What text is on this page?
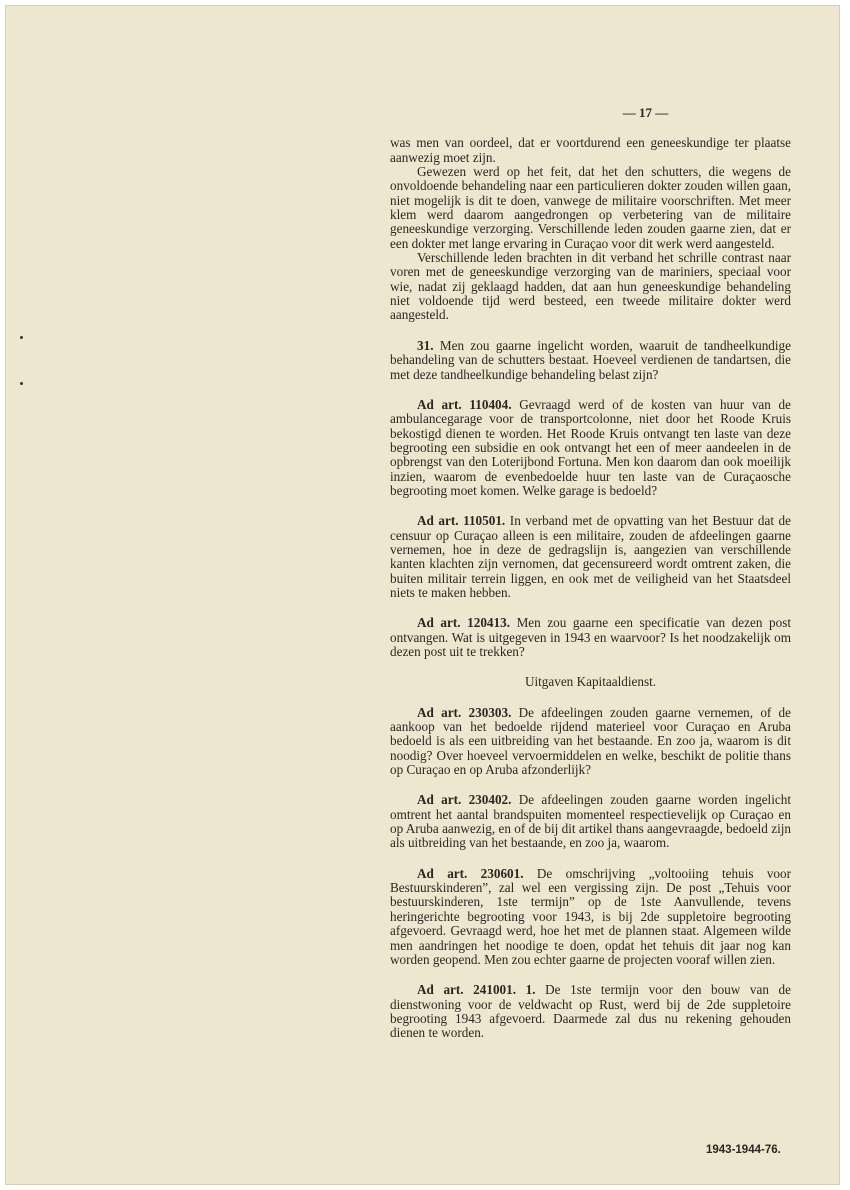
— 17 —

was men van oordeel, dat er voortdurend een geneeskundige ter plaatse aanwezig moet zijn.

Gewezen werd op het feit, dat het den schutters, die wegens de onvoldoende behandeling naar een particulieren dokter zouden willen gaan, niet mogelijk is dit te doen, vanwege de militaire voorschriften. Met meer klem werd daarom aangedrongen op verbetering van de militaire geneeskundige verzorging. Verschillende leden zouden gaarne zien, dat er een dokter met lange ervaring in Curaçao voor dit werk werd aangesteld.

Verschillende leden brachten in dit verband het schrille contrast naar voren met de geneeskundige verzorging van de mariniers, speciaal voor wie, nadat zij geklaagd hadden, dat aan hun geneeskundige behandeling niet voldoende tijd werd besteed, een tweede militaire dokter werd aangesteld.

31. Men zou gaarne ingelicht worden, waaruit de tandheelkundige behandeling van de schutters bestaat. Hoeveel verdienen de tandartsen, die met deze tandheelkundige behandeling belast zijn?

Ad art. 110404. Gevraagd werd of de kosten van huur van de ambulancegarage voor de transportcolonne, niet door het Roode Kruis bekostigd dienen te worden. Het Roode Kruis ontvangt ten laste van deze begrooting een subsidie en ook ontvangt het een of meer aandeelen in de opbrengst van den Loterijbond Fortuna. Men kon daarom dan ook moeilijk inzien, waarom de evenbedoelde huur ten laste van de Curaçaosche begrooting moet komen. Welke garage is bedoeld?

Ad art. 110501. In verband met de opvatting van het Bestuur dat de censuur op Curaçao alleen is een militaire, zouden de afdeelingen gaarne vernemen, hoe in deze de gedragslijn is, aangezien van verschillende kanten klachten zijn vernomen, dat gecensureerd wordt omtrent zaken, die buiten militair terrein liggen, en ook met de veiligheid van het Staatsdeel niets te maken hebben.

Ad art. 120413. Men zou gaarne een specificatie van dezen post ontvangen. Wat is uitgegeven in 1943 en waarvoor? Is het noodzakelijk om dezen post uit te trekken?

Uitgaven Kapitaaldienst.

Ad art. 230303. De afdeelingen zouden gaarne vernemen, of de aankoop van het bedoelde rijdend materieel voor Curaçao en Aruba bedoeld is als een uitbreiding van het bestaande. En zoo ja, waarom is dit noodig? Over hoeveel vervoermiddelen en welke, beschikt de politie thans op Curaçao en op Aruba afzonderlijk?

Ad art. 230402. De afdeelingen zouden gaarne worden ingelicht omtrent het aantal brandspuiten momenteel respectievelijk op Curaçao en op Aruba aanwezig, en of de bij dit artikel thans aangevraagde, bedoeld zijn als uitbreiding van het bestaande, en zoo ja, waarom.

Ad art. 230601. De omschrijving „voltooiing tehuis voor Bestuurskinderen”, zal wel een vergissing zijn. De post „Tehuis voor bestuurskinderen, 1ste termijn” op de 1ste Aanvullende, tevens heringerichte begrooting voor 1943, is bij 2de suppletoire begrooting afgevoerd. Gevraagd werd, hoe het met de plannen staat. Algemeen wilde men aandringen het noodige te doen, opdat het tehuis dit jaar nog kan worden geopend. Men zou echter gaarne de projecten vooraf willen zien.

Ad art. 241001. 1. De 1ste termijn voor den bouw van de dienstwoning voor de veldwacht op Rust, werd bij de 2de suppletoire begrooting 1943 afgevoerd. Daarmede zal dus nu rekening gehouden dienen te worden.

1943-1944-76.
